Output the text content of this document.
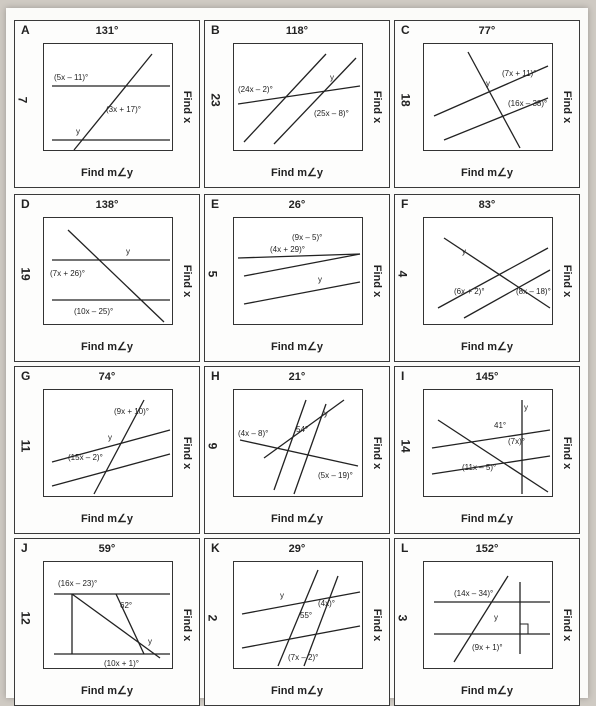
A	131°
7	Find x
(5x – 11)°
(3x + 17)°
y
Find m∠y
B	118°
23	Find x
(24x – 2)°
y
(25x – 8)°
Find m∠y
C	77°
18	Find x
y
(7x + 11)°
(16x – 38)°
Find m∠y
D	138°
19	Find x
y
(7x + 26)°
(10x – 25)°
Find m∠y
E	26°
5	Find x
(9x – 5)°
(4x + 29)°
y
Find m∠y
F	83°
4	Find x
y
(6x + 2)°	(8x – 18)°
Find m∠y
G	74°
11	Find x
(9x + 10)°
y
(15x – 2)°
Find m∠y
H	21°
9	Find x
y
54°
(4x – 8)°
(5x – 19)°
Find m∠y
I	145°
14	Find x
y
41°
(7x)°
(11x – 5)°
Find m∠y
J	59°
12	Find x
(16x – 23)°
62°
y
(10x + 1)°
Find m∠y
K	29°
2	Find x
y
(4x)°
55°
(7x – 2)°
Find m∠y
L	152°
3	Find x
(14x – 34)°
y
(9x + 1)°
Find m∠y
